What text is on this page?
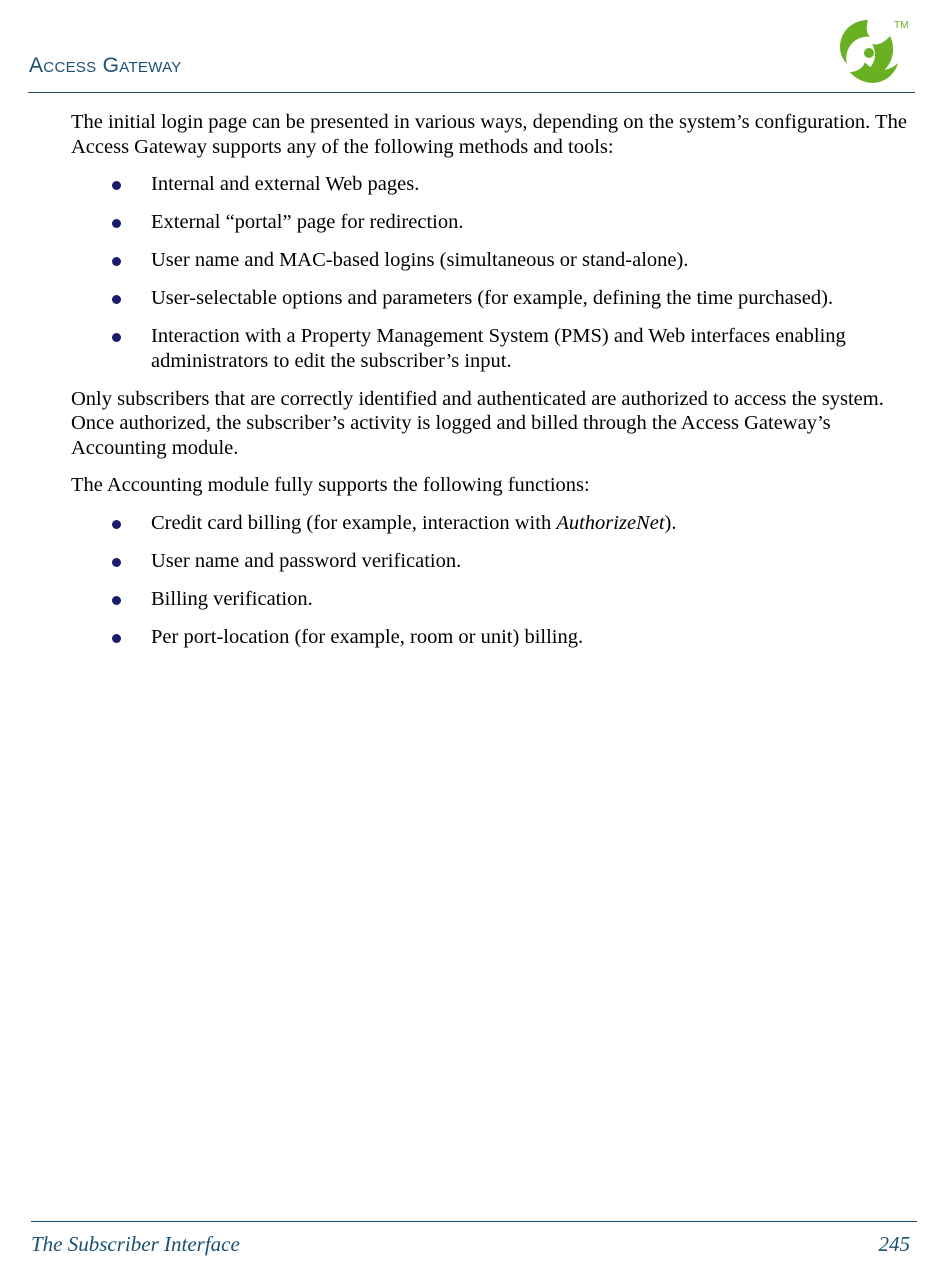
Access Gateway
TM

The initial login page can be presented in various ways, depending on the system’s configuration. The Access Gateway supports any of the following methods and tools:

Internal and external Web pages.
External “portal” page for redirection.
User name and MAC-based logins (simultaneous or stand-alone).
User-selectable options and parameters (for example, defining the time purchased).
Interaction with a Property Management System (PMS) and Web interfaces enabling administrators to edit the subscriber’s input.

Only subscribers that are correctly identified and authenticated are authorized to access the system. Once authorized, the subscriber’s activity is logged and billed through the Access Gateway’s Accounting module.

The Accounting module fully supports the following functions:

Credit card billing (for example, interaction with AuthorizeNet).
User name and password verification.
Billing verification.
Per port-location (for example, room or unit) billing.
The Subscriber Interface	245
